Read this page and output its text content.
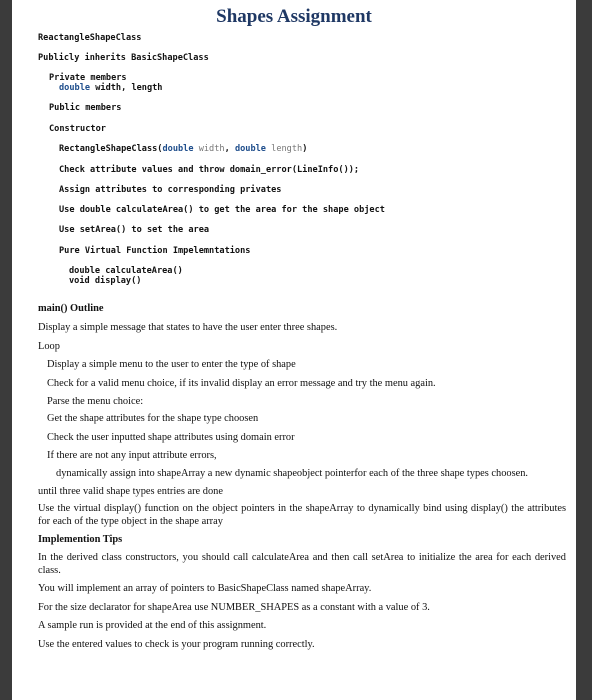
Shapes Assignment
ReactangleShapeClass
Publicly inherits BasicShapeClass
Private members
double width, length
Public members
Constructor
RectangleShapeClass(double width, double length)
Check attribute values and throw domain_error(LineInfo());
Assign attributes to corresponding privates
Use double calculateArea() to get the area for the shape object
Use setArea() to set the area
Pure Virtual Function Impelemntations
double calculateArea()
void display()
main() Outline
Display a simple message that states to have the user enter three shapes.
Loop
Display a simple menu to the user to enter the type of shape
Check for a valid menu choice, if its invalid display an error message and try the menu again.
Parse the menu choice:
Get the shape attributes for the shape type choosen
Check the user inputted shape attributes using domain error
If there are not any input attribute errors,
dynamically assign into shapeArray a new dynamic shapeobject pointerfor each of the three shape types choosen.
until three valid shape types entries are done
Use the virtual display() function on the object pointers in the shapeArray to dynamically bind using display() the attributes for each of the type object in the shape array
Implemention Tips
In the derived class constructors, you should call calculateArea and then call setArea to initialize the area for each derived class.
You will implement an array of pointers to BasicShapeClass named shapeArray.
For the size declarator for shapeArea use NUMBER_SHAPES as a constant with a value of 3.
A sample run is provided at the end of this assignment.
Use the entered values to check is your program running correctly.
